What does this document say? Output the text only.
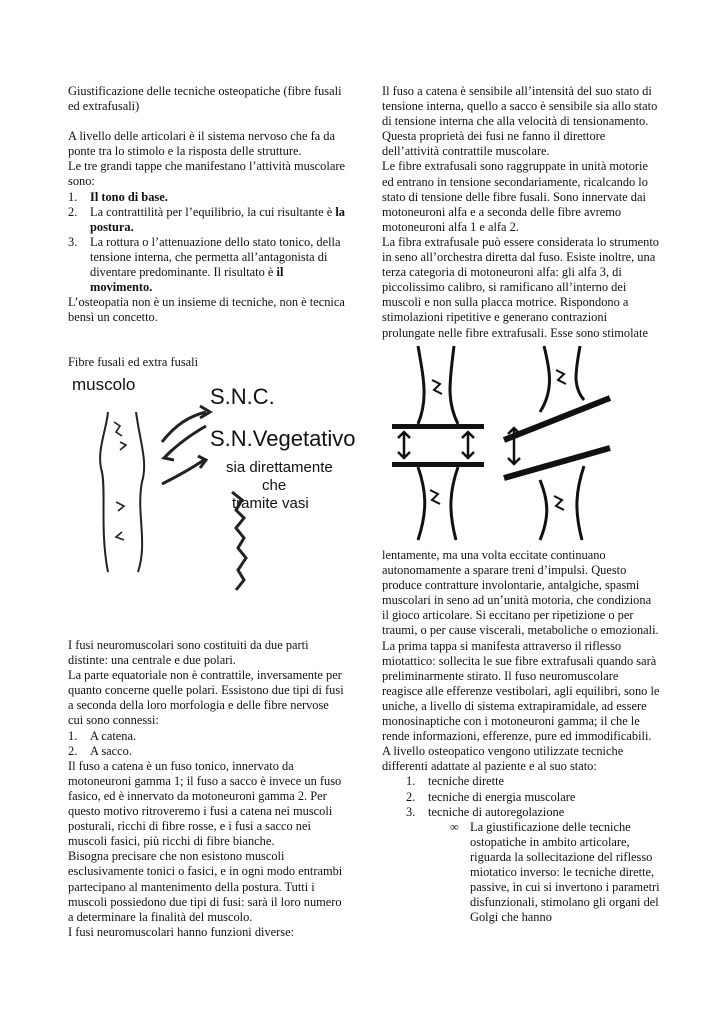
Giustificazione delle tecniche osteopatiche (fibre fusali ed extrafusali)

A livello delle articolari è il sistema nervoso che fa da ponte tra lo stimolo e la risposta delle strutture.

Le tre grandi tappe che manifestano l’attività muscolare sono:

1. Il tono di base.
2. La contrattilità per l’equilibrio, la cui risultante è la postura.
3. La rottura o l’attenuazione dello stato tonico, della tensione interna, che permetta all’antagonista di diventare predominante. Il risultato è il movimento.

L’osteopatia non è un insieme di tecniche, non è tecnica bensì un concetto.

Fibre fusali ed extra fusali

muscolo	S.N.C.
S.N.Vegetativo
sia direttamente
che
tramite vasi

I fusi neuromuscolari sono costituiti da due parti distinte: una centrale e due polari.

La parte equatoriale non è contrattile, inversamente per quanto concerne quelle polari. Essistono due tipi di fusi a seconda della loro morfologia e delle fibre nervose cui sono connessi:

1. A catena.
2. A sacco.

Il fuso a catena è un fuso tonico, innervato da motoneuroni gamma 1; il fuso a sacco è invece un fuso fasico, ed è innervato da motoneuroni gamma 2. Per questo motivo ritroveremo i fusi a catena nei muscoli posturali, ricchi di fibre rosse, e i fusi a sacco nei muscoli fasici, più ricchi di fibre bianche.

Bisogna precisare che non esistono muscoli esclusivamente tonici o fasici, e in ogni modo entrambi partecipano al mantenimento della postura. Tutti i muscoli possiedono due tipi di fusi: sarà il loro numero a determinare la finalità del muscolo.

I fusi neuromuscolari hanno funzioni diverse:

Il fuso a catena è sensibile all’intensità del suo stato di tensione interna, quello a sacco è sensibile sia allo stato di tensione interna che alla velocità di tensionamento. Questa proprietà dei fusi ne fanno il direttore dell’attività contrattile muscolare.

Le fibre extrafusali sono raggruppate in unità motorie ed entrano in tensione secondariamente, ricalcando lo stato di tensione delle fibre fusali. Sono innervate dai motoneuroni alfa e a seconda delle fibre avremo motoneuroni alfa 1 e alfa 2.

La fibra extrafusale può essere considerata lo strumento in seno all’orchestra diretta dal fuso. Esiste inoltre, una terza categoria di motoneuroni alfa: gli alfa 3, di piccolissimo calibro, si ramificano all’interno dei muscoli e non sulla placca motrice. Rispondono a stimolazioni ripetitive e generano contrazioni prolungate nelle fibre extrafusali. Esse sono stimolate

lentamente, ma una volta eccitate continuano autonomamente a sparare treni d’impulsi. Questo produce contratture involontarie, antalgiche, spasmi muscolari in seno ad un’unità motoria, che condiziona il gioco articolare. Si eccitano per ripetizione o per traumi, o per cause viscerali, metaboliche o emozionali.

La prima tappa si manifesta attraverso il riflesso miotattico: sollecita le sue fibre extrafusali quando sarà preliminarmente stirato. Il fuso neuromuscolare reagisce alle efferenze vestibolari, agli equilibri, sono le uniche, a livello di sistema extrapiramidale, ad essere monosinaptiche con i motoneuroni gamma; il che le rende informazioni, efferenze, pure ed immodificabili.

A livello osteopatico vengono utilizzate tecniche differenti adattate al paziente e al suo stato:

1. tecniche dirette
2. tecniche di energia muscolare
3. tecniche di autoregolazione
∞ La giustificazione delle tecniche ostopatiche in ambito articolare, riguarda la sollecitazione del riflesso miotatico inverso: le tecniche dirette, passive, in cui si invertono i parametri disfunzionali, stimolano gli organi del Golgi che hanno
